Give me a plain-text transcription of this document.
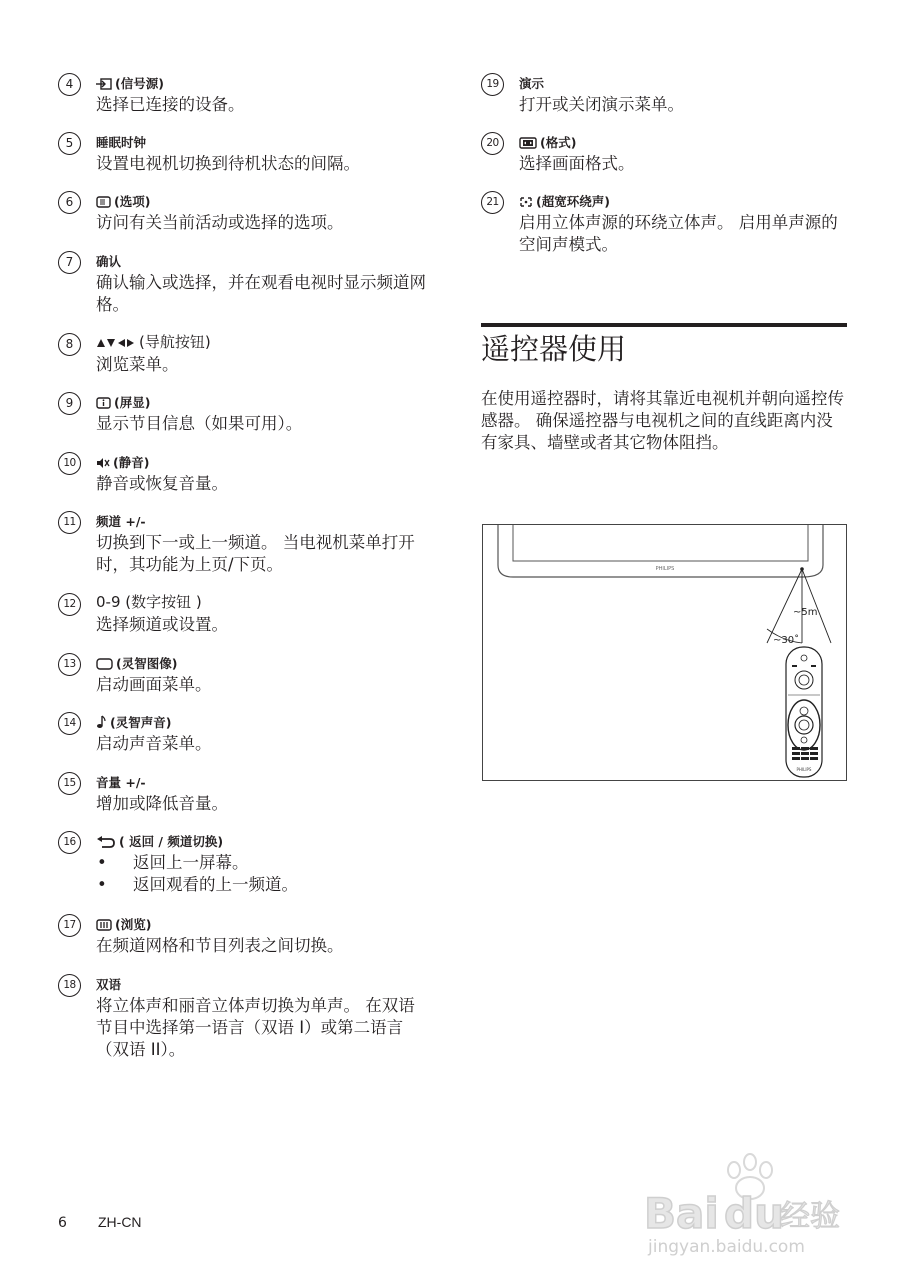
4	(信号源)
选择已连接的设备。
5	睡眠时钟
设置电视机切换到待机状态的间隔。
6	(选项)
访问有关当前活动或选择的选项。
7	确认
确认输入或选择，并在观看电视时显示频道网格。
8	(导航按钮)
浏览菜单。
9	(屏显)
显示节目信息（如果可用）。
10	(静音)
静音或恢复音量。
11	频道 +/-
切换到下一或上一频道。 当电视机菜单打开时，其功能为上页/下页。
12	0-9 (数字按钮 )
选择频道或设置。
13	(灵智图像)
启动画面菜单。
14	(灵智声音)
启动声音菜单。
15	音量 +/-
增加或降低音量。
16	( 返回 / 频道切换)
• 返回上一屏幕。
• 返回观看的上一频道。
17	(浏览)
在频道网格和节目列表之间切换。
18	双语
将立体声和丽音立体声切换为单声。 在双语节目中选择第一语言（双语 I）或第二语言（双语 II）。
19	演示
打开或关闭演示菜单。
20	(格式)
选择画面格式。
21	(超宽环绕声)
启用立体声源的环绕立体声。 启用单声源的空间声模式。
遥控器使用
在使用遥控器时，请将其靠近电视机并朝向遥控传感器。 确保遥控器与电视机之间的直线距离内没有家具、墙壁或者其它物体阻挡。
PHILIPS
~5m
~30˚
PHILIPS
6 ZH-CN	Bai du
经验
jingyan.baidu.com
